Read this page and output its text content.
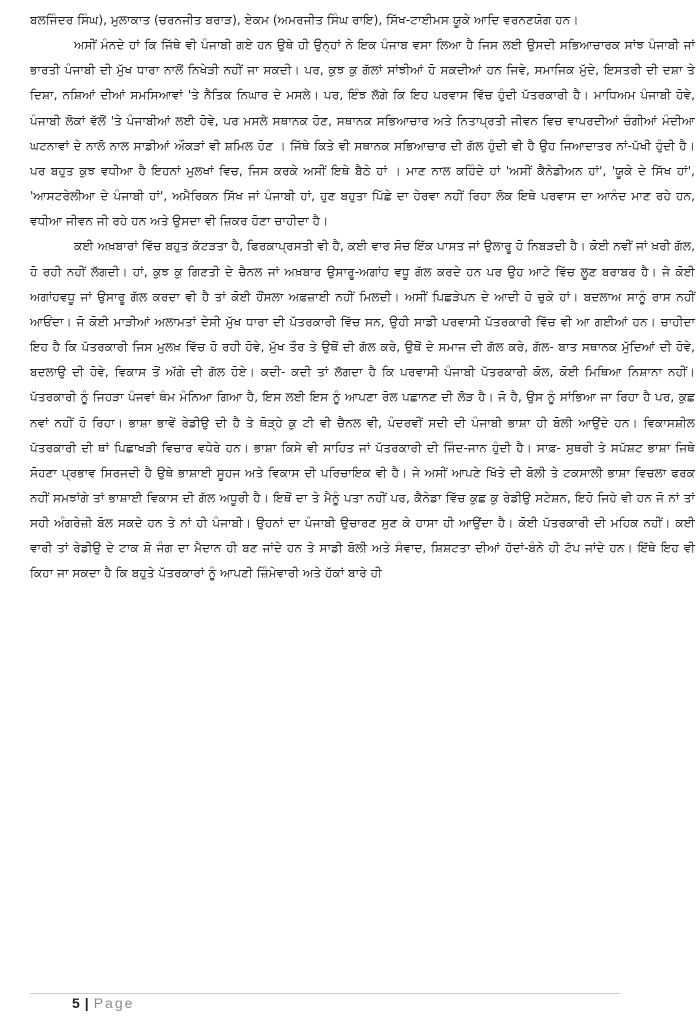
ਬਲਜਿੰਦਰ ਸਿੰਘ), ਮੁਲਾਕਾਤ (ਚਰਨਜੀਤ ਬਰਾੜ), ਏਕਮ (ਅਮਰਜੀਤ ਸਿੰਘ ਰਾਇ), ਸਿੱਖ-ਟਾਈਮਸ ਯੂਕੇ ਆਦਿ ਵਰਨਣਯੋਗ ਹਨ।

ਅਸੀਂ ਮੰਨਦੇ ਹਾਂ ਕਿ ਜਿੱਥੇ ਵੀ ਪੰਜਾਬੀ ਗਏ ਹਨ ਉਥੇ ਹੀ ਉਨ੍ਹਾਂ ਨੇ ਇਕ ਪੰਜਾਬ ਵਸਾ ਲਿਆ ਹੈ ਜਿਸ ਲਈ ਉਸਦੀ ਸਭਿਆਚਾਰਕ ਸਾਂਝ ਪੰਜਾਬੀ ਜਾਂ ਭਾਰਤੀ ਪੰਜਾਬੀ ਦੀ ਮੁੱਖ ਧਾਰਾ ਨਾਲੋਂ ਨਿਖੇੜੀ ਨਹੀਂ ਜਾ ਸਕਦੀ। ਪਰ, ਕੁਝ ਕੁ ਗੱਲਾਂ ਸਾਂਝੀਆਂ ਹੋ ਸਕਦੀਆਂ ਹਨ ਜਿਵੇ, ਸਮਾਜਿਕ ਮੁੱਦੇ, ਇਸਤਰੀ ਦੀ ਦਸ਼ਾ ਤੇ ਦਿਸ਼ਾ, ਨਸ਼ਿਆਂ ਦੀਆਂ ਸਮਸਿਆਵਾਂ 'ਤੇ ਨੈਤਿਕ ਨਿਘਾਰ ਦੇ ਮਸਲੇ। ਪਰ, ਇੰਝ ਲੱਗੇ ਕਿ ਇਹ ਪਰਵਾਸ ਵਿੱਚ ਹੁੰਦੀ ਪੱਤਰਕਾਰੀ ਹੈ। ਮਾਧਿਅਮ ਪੰਜਾਬੀ ਹੋਵੇ, ਪੰਜਾਬੀ ਲੋਕਾਂ ਵੱਲੋਂ 'ਤੇ ਪੰਜਾਬੀਆਂ ਲਈ ਹੋਵੇ, ਪਰ ਮਸਲੇ ਸਥਾਨਕ ਹੋਣ, ਸਥਾਨਕ ਸਭਿਆਚਾਰ ਅਤੇ ਨਿਤਾਪ੍ਰਤੀ ਜੀਵਨ ਵਿਚ ਵਾਪਰਦੀਆਂ ਚੰਗੀਆਂ ਮੰਦੀਆ ਘਟਨਾਵਾਂ ਦੇ ਨਾਲੋ ਨਾਲ ਸਾਡੀਆਂ ਔਕੜਾਂ ਵੀ ਸ਼ਮਿਲ ਹੋਣ । ਜਿੱਥੇ ਕਿਤੇ ਵੀ ਸਥਾਨਕ ਸਭਿਆਚਾਰ ਦੀ ਗੱਲ ਹੁੰਦੀ ਵੀ ਹੈ ਉਹ ਜਿਆਦਾਤਰ ਨਾਂ-ਪੱਖੀ ਹੁੰਦੀ ਹੈ। ਪਰ ਬਹੁਤ ਕੁਝ ਵਧੀਆ ਹੈ ਇਹਨਾਂ ਮੁਲਖਾਂ ਵਿਚ, ਜਿਸ ਕਰਕੇ ਅਸੀਂ ਇਥੇ ਬੈਠੇ ਹਾਂ । ਮਾਣ ਨਾਲ ਕਹਿੰਦੇ ਹਾਂ 'ਅਸੀਂ ਕੈਨੇਡੀਅਨ ਹਾਂ', 'ਯੂਕੇ ਦੇ ਸਿੱਖ ਹਾਂ', 'ਆਸਟਰੇਲੀਆ ਦੇ ਪੰਜਾਬੀ ਹਾਂ', ਅਮੈਰਿਕਨ ਸਿੱਖ ਜਾਂ ਪੰਜਾਬੀ ਹਾਂ, ਹੁਣ ਬਹੁਤਾ ਪਿੱਛੇ ਦਾ ਹੇਰਵਾ ਨਹੀਂ ਰਿਹਾ ਲੋਕ ਇਥੇ ਪਰਵਾਸ ਦਾ ਆਨੰਦ ਮਾਣ ਰਹੇ ਹਨ, ਵਧੀਆ ਜੀਵਨ ਜੀ ਰਹੇ ਹਨ ਅਤੇ ਉਸਦਾ ਵੀ ਜ਼ਿਕਰ ਹੋਣਾ ਚਾਹੀਦਾ ਹੈ।

ਕਈ ਅਖ਼ਬਾਰਾਂ ਵਿੱਚ ਬਹੁਤ ਕੱਟੜਤਾ ਹੈ, ਫਿਰਕਾਪ੍ਰਸਤੀ ਵੀ ਹੈ, ਕਈ ਵਾਰ ਸੋਚ ਇੱਕ ਪਾਸਤ ਜਾਂ ਉਲਾਰੂ ਹੋ ਨਿਬੜਦੀ ਹੈ। ਕੋਈ ਨਵੀਂ ਜਾਂ ਖ਼ਰੀ ਗੱਲ, ਹੋ ਰਹੀ ਨਹੀਂ ਲੱਗਦੀ। ਹਾਂ, ਕੁਝ ਕੁ ਗਿਣਤੀ ਦੇ ਚੈਨਲ ਜਾਂ ਅਖ਼ਬਾਰ ਉਸਾਰੂ-ਅਗਾਂਹ ਵਧੂ ਗੱਲ ਕਰਦੇ ਹਨ ਪਰ ਉਹ ਆਟੇ ਵਿੱਚ ਲੂਣ ਬਰਾਬਰ ਹੈ। ਜੇ ਕੋਈ ਅਗਾਂਹਵਧੂ ਜਾਂ ਉਸਾਰੂ ਗੱਲ ਕਰਦਾ ਵੀ ਹੈ ਤਾਂ ਕੋਈ ਹੌਂਸਲਾ ਅਫ਼ਜ਼ਾਈ ਨਹੀਂ ਮਿਲਦੀ। ਅਸੀਂ ਪਿਛੜੇਪਨ ਦੇ ਆਦੀ ਹੋ ਚੁਕੇ ਹਾਂ। ਬਦਲਾਅ ਸਾਨੂੰ ਰਾਸ ਨਹੀਂ ਆਓਂਦਾ। ਜੋ ਕੋਈ ਮਾੜੀਆਂ ਅਲਾਮਤਾਂ ਦੇਸੀ ਮੁੱਖ ਧਾਰਾ ਦੀ ਪੱਤਰਕਾਰੀ ਵਿੱਚ ਸਨ, ਉਹੀ ਸਾਡੀ ਪਰਵਾਸੀ ਪੱਤਰਕਾਰੀ ਵਿੱਚ ਵੀ ਆ ਗਈਆਂ ਹਨ। ਚਾਹੀਦਾ ਇਹ ਹੈ ਕਿ ਪੱਤਰਕਾਰੀ ਜਿਸ ਮੁਲਖ਼ ਵਿੱਚ ਹੋ ਰਹੀ ਹੋਵੇ, ਮੁੱਖ ਤੌਰ ਤੇ ਉਥੋਂ ਦੀ ਗੱਲ ਕਰੇ, ਉਥੋਂ ਦੇ ਸਮਾਜ ਦੀ ਗੱਲ ਕਰੇ, ਗੱਲ- ਬਾਤ ਸਥਾਨਕ ਮੁੱਦਿਆਂ ਦੀ ਹੋਵੇ, ਬਦਲਾਉ ਦੀ ਹੋਵੇ, ਵਿਕਾਸ ਤੋਂ ਅੱਗੇ ਦੀ ਗੱਲ ਹੋਏ। ਕਦੀ- ਕਦੀ ਤਾਂ ਲੱਗਦਾ ਹੈ ਕਿ ਪਰਵਾਸੀ ਪੰਜਾਬੀ ਪੱਤਰਕਾਰੀ ਕੋਲ, ਕੋਈ ਮਿਥਿਆ ਨਿਸ਼ਾਨਾ ਨਹੀਂ। ਪੱਤਰਕਾਰੀ ਨੂੰ ਜਿਹੜਾ ਪੰਜਵਾਂ ਥੰਮ ਮੰਨਿਆ ਗਿਆ ਹੈ, ਇਸ ਲਈ ਇਸ ਨੂੰ ਆਪਣਾ ਰੋਲ ਪਛਾਨਣ ਦੀ ਲੋੜ ਹੈ। ਜੋ ਹੈ, ਉਸ ਨੂੰ ਸਾਂਭਿਆ ਜਾ ਰਿਹਾ ਹੈ ਪਰ, ਕੁਛ ਨਵਾਂ ਨਹੀਂ ਹੋ ਰਿਹਾ। ਭਾਸ਼ਾ ਭਾਵੇਂ ਰੇਡੀਉ ਦੀ ਹੈ ਤੇ ਥੋੜ੍ਹੇ ਕੁ ਟੀ ਵੀ ਚੈਨਲ ਵੀ, ਪੰਦਰਵੀਂ ਸਦੀ ਦੀ ਪੰਜਾਬੀ ਭਾਸ਼ਾ ਹੀ ਬੋਲੀ ਆਉਂਦੇ ਹਨ। ਵਿਕਾਸਸ਼ੀਲ ਪੱਤਰਕਾਰੀ ਦੀ ਥਾਂ ਪਿਛਾਖੜੀ ਵਿਚਾਰ ਵਧੇਰੇ ਹਨ। ਭਾਸ਼ਾ ਕਿਸੇ ਵੀ ਸਾਹਿਤ ਜਾਂ ਪੱਤਰਕਾਰੀ ਦੀ ਜਿੰਦ-ਜਾਨ ਹੁੰਦੀ ਹੈ। ਸਾਫ਼- ਸੁਥਰੀ ਤੇ ਸਪੱਸ਼ਟ ਭਾਸ਼ਾ ਜਿਥੇ ਸੋਹਣਾ ਪ੍ਰਭਾਵ ਸਿਰਜਦੀ ਹੈ ਉਥੇ ਭਾਸ਼ਾਈ ਸੂਹਜ ਅਤੇ ਵਿਕਾਸ ਦੀ ਪਰਿਚਾਇਕ ਵੀ ਹੈ। ਜੇ ਅਸੀਂ ਆਪਣੇ ਖਿੱਤੇ ਦੀ ਬੋਲੀ ਤੇ ਟਕਸਾਲੀ ਭਾਸ਼ਾ ਵਿਚਲਾ ਫਰਕ ਨਹੀਂ ਸਮਝਾਂਗੇ ਤਾਂ ਭਾਸ਼ਾਈ ਵਿਕਾਸ ਦੀ ਗੱਲ ਅਧੂਰੀ ਹੈ। ਇਥੋਂ ਦਾ ਤੇ ਮੈਨੂੰ ਪਤਾ ਨਹੀਂ ਪਰ, ਕੈਨੇਡਾ ਵਿੱਚ ਕੁਛ ਕੁ ਰੇਡੀਉ ਸਟੇਸ਼ਨ, ਇਹੋ ਜਿਹੇ ਵੀ ਹਨ ਜੋ ਨਾਂ ਤਾਂ ਸਹੀ ਅੰਗਰੇਜ਼ੀ ਬੋਲ ਸਕਦੇ ਹਨ ਤੇ ਨਾਂ ਹੀ ਪੰਜਾਬੀ। ਉਹਨਾਂ ਦਾ ਪੰਜਾਬੀ ਉਚਾਰਣ ਸੁਣ ਕੇ ਹਾਸਾ ਹੀ ਆਉਂਦਾ ਹੈ। ਕੋਈ ਪੱਤਰਕਾਰੀ ਦੀ ਮਹਿਕ ਨਹੀਂ। ਕਈ ਵਾਰੀ ਤਾਂ ਰੇਡੀਉ ਦੇ ਟਾਕ ਸ਼ੋ ਜੰਗ ਦਾ ਮੈਦਾਨ ਹੀ ਬਣ ਜਾਂਦੇ ਹਨ ਤੇ ਸਾਡੀ ਬੋਲੀ ਅਤੇ ਸੰਵਾਦ, ਸ਼ਿਸ਼ਟਤਾ ਦੀਆਂ ਹੱਦਾਂ-ਬੰਨੇ ਹੀ ਟੱਪ ਜਾਂਦੇ ਹਨ। ਇੱਥੇ ਇਹ ਵੀ ਕਿਹਾ ਜਾ ਸਕਦਾ ਹੈ ਕਿ ਬਹੁਤੇ ਪੱਤਰਕਾਰਾਂ ਨੂੰ ਆਪਣੀ ਜ਼ਿੰਮੇਵਾਰੀ ਅਤੇ ਹੱਕਾਂ ਬਾਰੇ ਹੀ

5 | Page
